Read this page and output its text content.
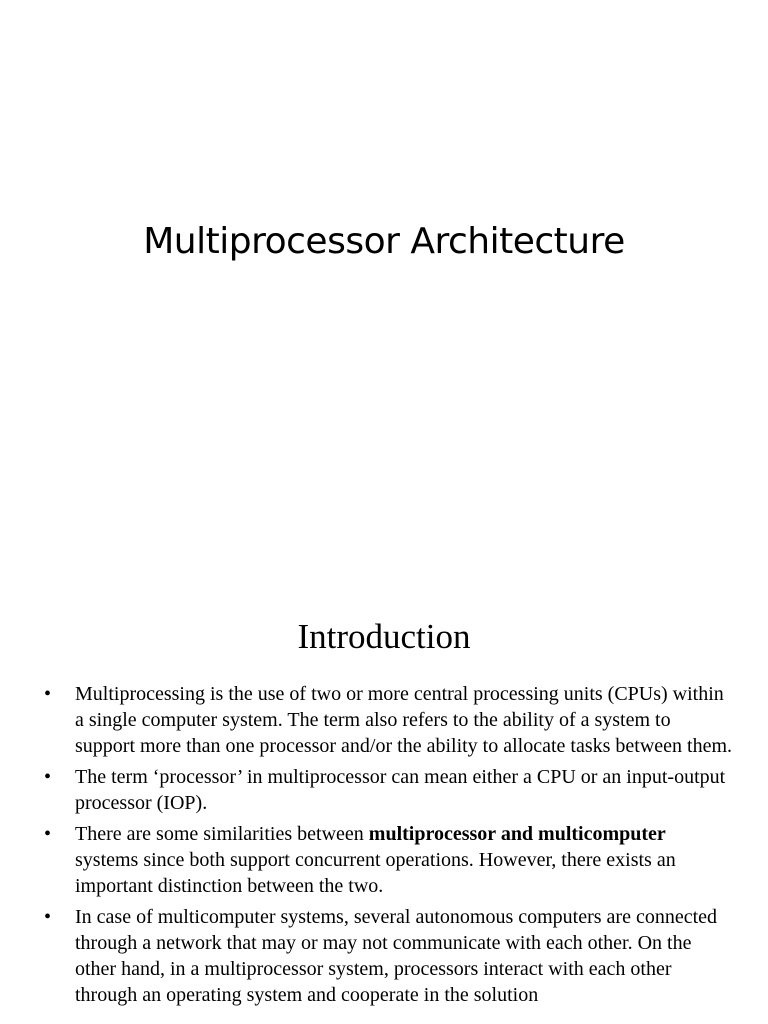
Multiprocessor Architecture
Introduction
• Multiprocessing is the use of two or more central processing units (CPUs) within a single computer system. The term also refers to the ability of a system to support more than one processor and/or the ability to allocate tasks between them.
• The term ‘processor’ in multiprocessor can mean either a CPU or an input-output processor (IOP).
• There are some similarities between multiprocessor and multicomputer systems since both support concurrent operations. However, there exists an important distinction between the two.
• In case of multicomputer systems, several autonomous computers are connected through a network that may or may not communicate with each other. On the other hand, in a multiprocessor system, processors interact with each other through an operating system and cooperate in the solution
